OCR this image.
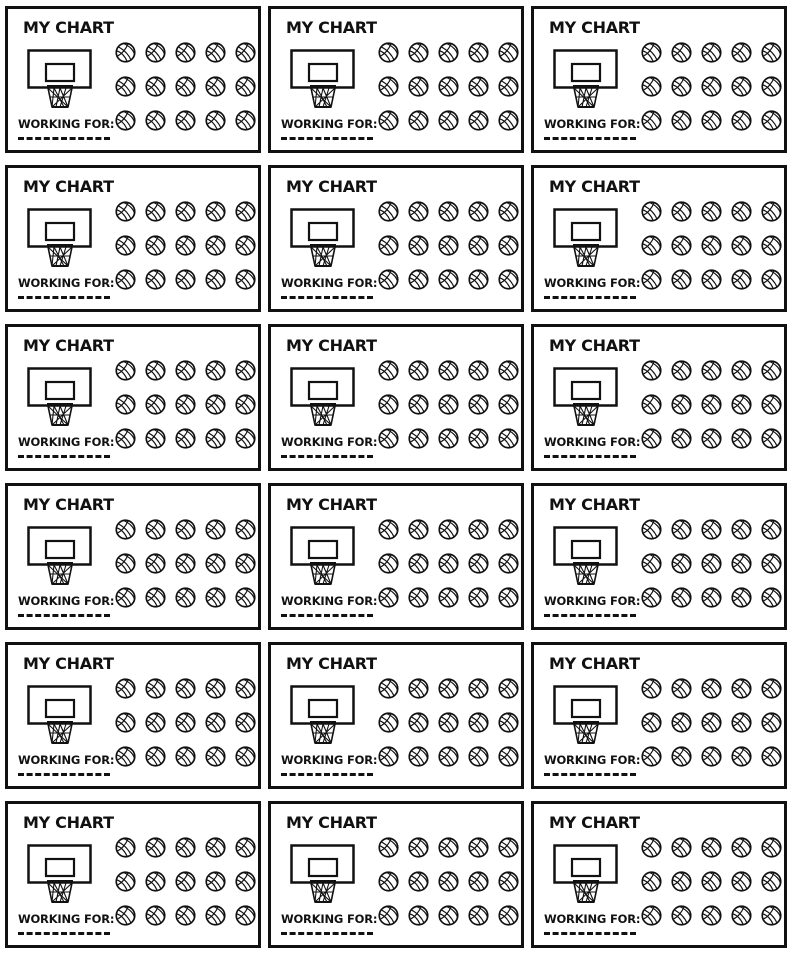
MY CHART
WORKING FOR:
MY CHART
WORKING FOR:
MY CHART
WORKING FOR:
MY CHART
WORKING FOR:
MY CHART
WORKING FOR:
MY CHART
WORKING FOR:
MY CHART
WORKING FOR:
MY CHART
WORKING FOR:
MY CHART
WORKING FOR:
MY CHART
WORKING FOR:
MY CHART
WORKING FOR:
MY CHART
WORKING FOR:
MY CHART
WORKING FOR:
MY CHART
WORKING FOR:
MY CHART
WORKING FOR:
MY CHART
WORKING FOR:
MY CHART
WORKING FOR:
MY CHART
WORKING FOR:
